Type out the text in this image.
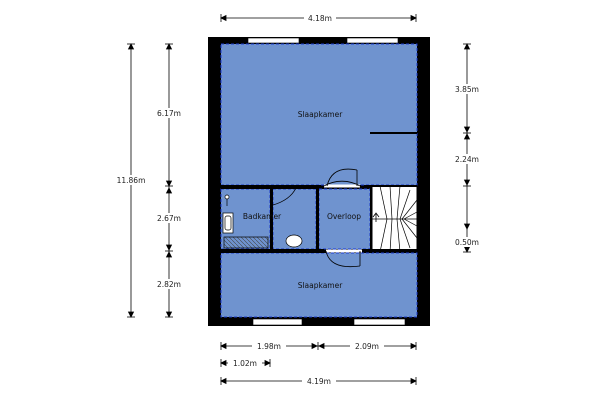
Slaapkamer
Badkamer	Overloop
Slaapkamer
4.18m
11.86m
6.17m
2.67m
2.82m
3.85m
2.24m
0.50m
1.98m	2.09m
1.02m
4.19m
